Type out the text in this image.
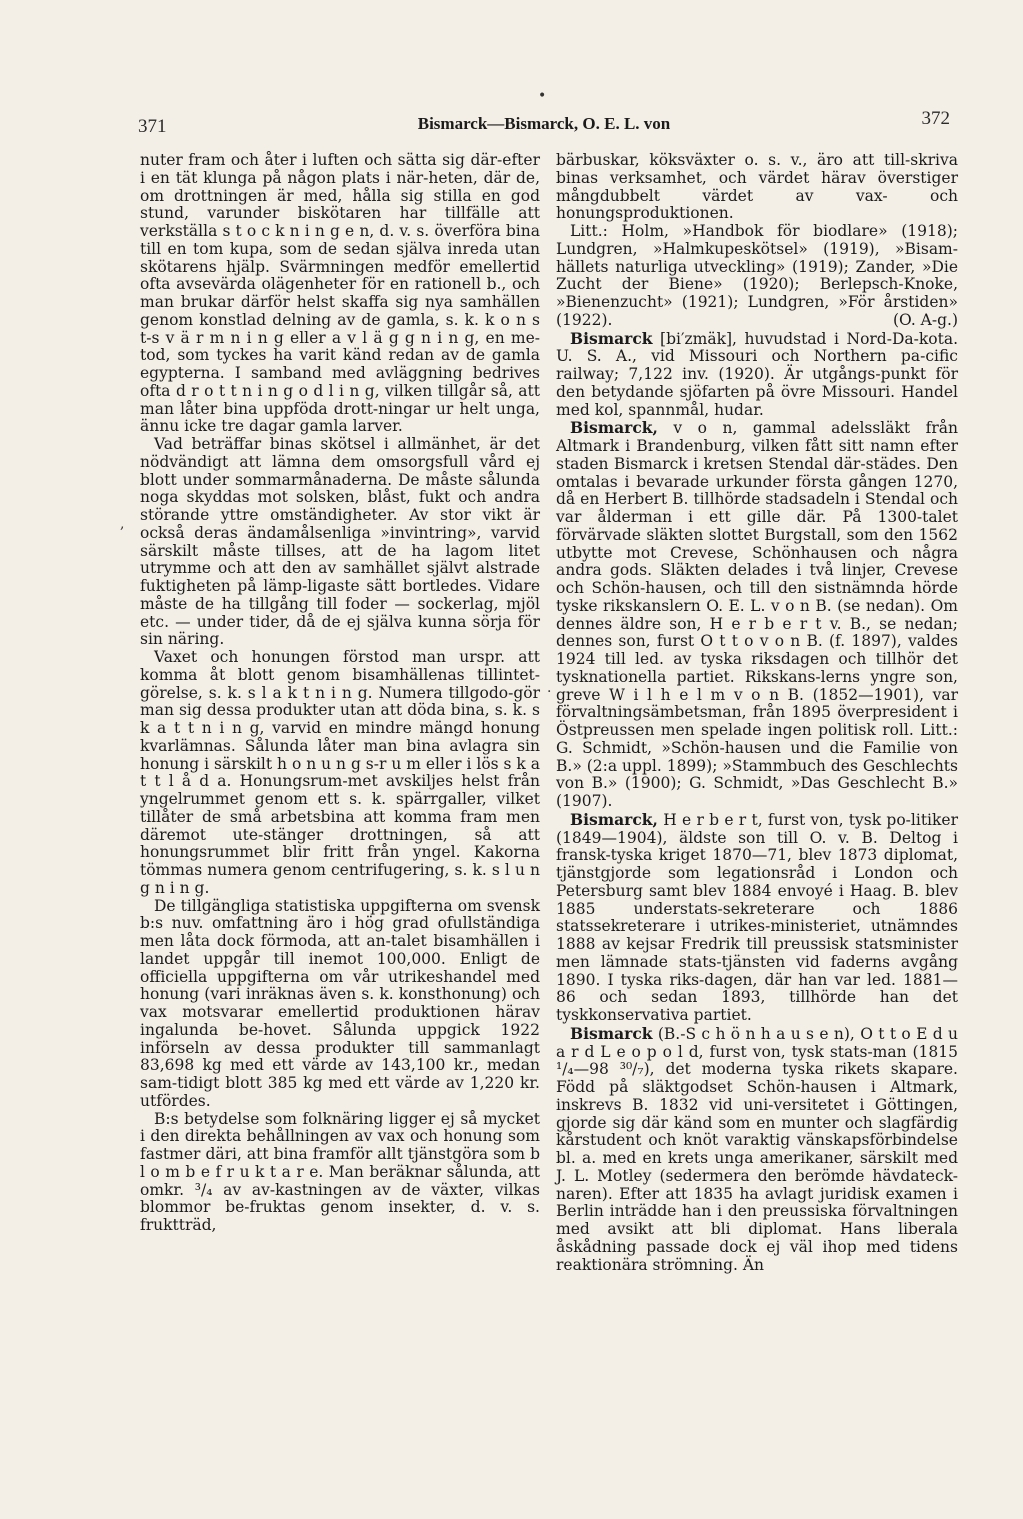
371	Bismarck—Bismarck, O. E. L. von	372

nuter fram och åter i luften och sätta sig där-efter i en tät klunga på någon plats i när-heten, där de, om drottningen är med, hålla sig stilla en god stund, varunder biskötaren har tillfälle att verkställa s t o c k n i n g e n, d. v. s. överföra bina till en tom kupa, som de sedan själva inreda utan skötarens hjälp. Svärmningen medför emellertid ofta avsevärda olägenheter för en rationell b., och man brukar därför helst skaffa sig nya samhällen genom konstlad delning av de gamla, s. k. k o n s t-s v ä r m n i n g eller a v l ä g g n i n g, en me-tod, som tyckes ha varit känd redan av de gamla egypterna. I samband med avläggning bedrives ofta d r o t t n i n g o d l i n g, vilken tillgår så, att man låter bina uppföda drott-ningar ur helt unga, ännu icke tre dagar gamla larver.

Vad beträffar binas skötsel i allmänhet, är det nödvändigt att lämna dem omsorgsfull vård ej blott under sommarmånaderna. De måste sålunda noga skyddas mot solsken, blåst, fukt och andra störande yttre omständigheter. Av stor vikt är också deras ändamålsenliga »invintring», varvid särskilt måste tillses, att de ha lagom litet utrymme och att den av samhället självt alstrade fuktigheten på lämp-ligaste sätt bortledes. Vidare måste de ha tillgång till foder — sockerlag, mjöl etc. — under tider, då de ej själva kunna sörja för sin näring.

Vaxet och honungen förstod man urspr. att komma åt blott genom bisamhällenas tillintet-görelse, s. k. s l a k t n i n g. Numera tillgodo-gör man sig dessa produkter utan att döda bina, s. k. s k a t t n i n g, varvid en mindre mängd honung kvarlämnas. Sålunda låter man bina avlagra sin honung i särskilt h o n u n g s-r u m eller i lös s k a t t l å d a. Honungsrum-met avskiljes helst från yngelrummet genom ett s. k. spärrgaller, vilket tillåter de små arbetsbina att komma fram men däremot ute-stänger drottningen, så att honungsrummet blir fritt från yngel. Kakorna tömmas numera genom centrifugering, s. k. s l u n g n i n g.

De tillgängliga statistiska uppgifterna om svensk b:s nuv. omfattning äro i hög grad ofullständiga men låta dock förmoda, att an-talet bisamhällen i landet uppgår till inemot 100,000. Enligt de officiella uppgifterna om vår utrikeshandel med honung (vari inräknas även s. k. konsthonung) och vax motsvarar emellertid produktionen härav ingalunda be-hovet. Sålunda uppgick 1922 införseln av dessa produkter till sammanlagt 83,698 kg med ett värde av 143,100 kr., medan sam-tidigt blott 385 kg med ett värde av 1,220 kr. utfördes.

B:s betydelse som folknäring ligger ej så mycket i den direkta behållningen av vax och honung som fastmer däri, att bina framför allt tjänstgöra som b l o m b e f r u k t a r e. Man beräknar sålunda, att omkr. ³/₄ av av-kastningen av de växter, vilkas blommor be-fruktas genom insekter, d. v. s. fruktträd,

bärbuskar, köksväxter o. s. v., äro att till-skriva binas verksamhet, och värdet härav överstiger mångdubbelt värdet av vax- och honungsproduktionen.

Litt.: Holm, »Handbok för biodlare» (1918); Lundgren, »Halmkupeskötsel» (1919), »Bisam-hällets naturliga utveckling» (1919); Zander, »Die Zucht der Biene» (1920); Berlepsch-Knoke, »Bienenzucht» (1921); Lundgren, »För årstiden» (1922).	(O. A-g.)

Bismarck [bi′zmäk], huvudstad i Nord-Da-kota. U. S. A., vid Missouri och Northern pa-cific railway; 7,122 inv. (1920). Är utgångs-punkt för den betydande sjöfarten på övre Missouri. Handel med kol, spannmål, hudar.

Bismarck, v o n, gammal adelssläkt från Altmark i Brandenburg, vilken fått sitt namn efter staden Bismarck i kretsen Stendal där-städes. Den omtalas i bevarade urkunder första gången 1270, då en Herbert B. tillhörde stadsadeln i Stendal och var ålderman i ett gille där. På 1300-talet förvärvade släkten slottet Burgstall, som den 1562 utbytte mot Crevese, Schönhausen och några andra gods. Släkten delades i två linjer, Crevese och Schön-hausen, och till den sistnämnda hörde tyske rikskanslern O. E. L. v o n B. (se nedan). Om dennes äldre son, H e r b e r t v. B., se nedan; dennes son, furst O t t o v o n B. (f. 1897), valdes 1924 till led. av tyska riksdagen och tillhör det tysknationella partiet. Rikskans-lerns yngre son, greve W i l h e l m v o n B. (1852—1901), var förvaltningsämbetsman, från 1895 överpresident i Östpreussen men spelade ingen politisk roll. Litt.: G. Schmidt, »Schön-hausen und die Familie von B.» (2:a uppl. 1899); »Stammbuch des Geschlechts von B.» (1900); G. Schmidt, »Das Geschlecht B.» (1907).

Bismarck, H e r b e r t, furst von, tysk po-litiker (1849—1904), äldste son till O. v. B. Deltog i fransk-tyska kriget 1870—71, blev 1873 diplomat, tjänstgjorde som legationsråd i London och Petersburg samt blev 1884 envoyé i Haag. B. blev 1885 understats-sekreterare och 1886 statssekreterare i utrikes-ministeriet, utnämndes 1888 av kejsar Fredrik till preussisk statsminister men lämnade stats-tjänsten vid faderns avgång 1890. I tyska riks-dagen, där han var led. 1881—86 och sedan 1893, tillhörde han det tyskkonservativa partiet.

Bismarck (B.-S c h ö n h a u s e n), O t t o E d u a r d L e o p o l d, furst von, tysk stats-man (1815 ¹/₄—98 ³⁰/₇), det moderna tyska rikets skapare. Född på släktgodset Schön-hausen i Altmark, inskrevs B. 1832 vid uni-versitetet i Göttingen, gjorde sig där känd som en munter och slagfärdig kårstudent och knöt varaktig vänskapsförbindelse bl. a. med en krets unga amerikaner, särskilt med J. L. Motley (sedermera den berömde hävdateck-naren). Efter att 1835 ha avlagt juridisk examen i Berlin inträdde han i den preussiska förvaltningen med avsikt att bli diplomat. Hans liberala åskådning passade dock ej väl ihop med tidens reaktionära strömning. Än

•
,
·
